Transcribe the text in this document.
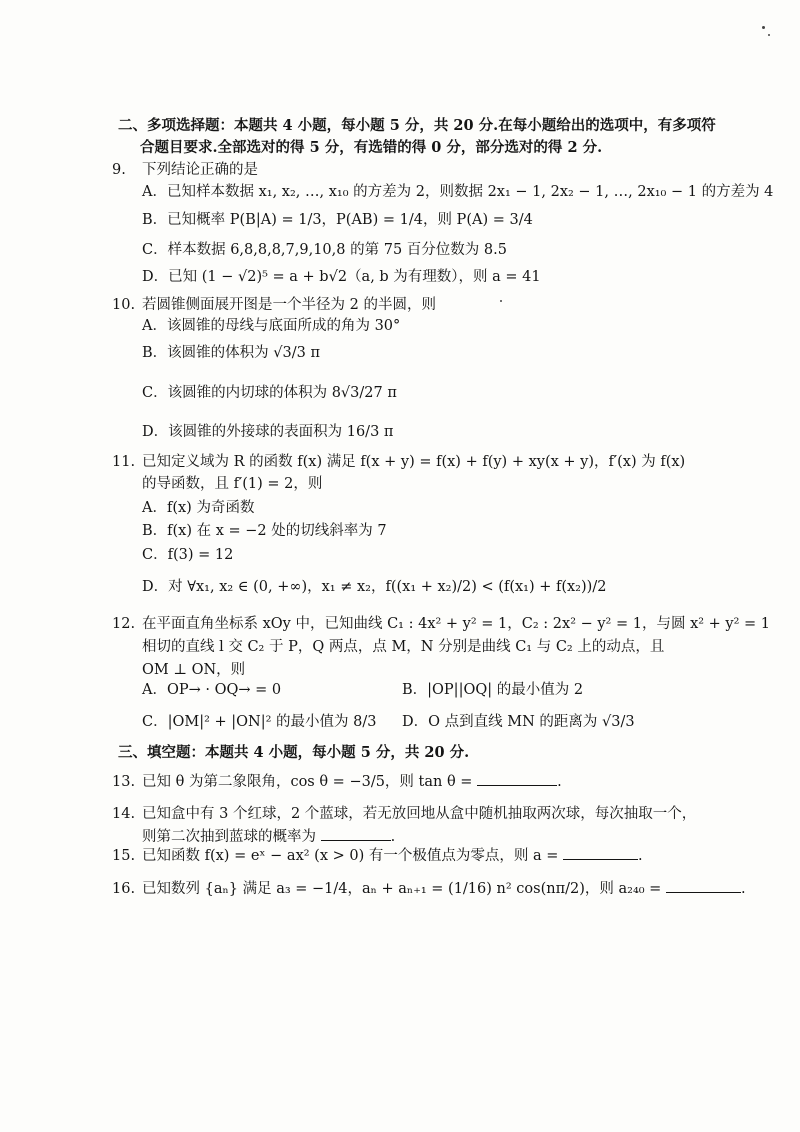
二、多项选择题：本题共 4 小题，每小题 5 分，共 20 分.在每小题给出的选项中，有多项符
合题目要求.全部选对的得 5 分，有选错的得 0 分，部分选对的得 2 分.
9. 下列结论正确的是
A．已知样本数据 x₁, x₂, …, x₁₀ 的方差为 2，则数据 2x₁ − 1, 2x₂ − 1, …, 2x₁₀ − 1 的方差为 4
B．已知概率 P(B|A) = 1/3，P(AB) = 1/4，则 P(A) = 3/4
C．样本数据 6,8,8,8,7,9,10,8 的第 75 百分位数为 8.5
D．已知 (1 − √2)⁵ = a + b√2（a, b 为有理数），则 a = 41
10. 若圆锥侧面展开图是一个半径为 2 的半圆，则
A．该圆锥的母线与底面所成的角为 30°
B．该圆锥的体积为 √3/3 π
C．该圆锥的内切球的体积为 8√3/27 π
D．该圆锥的外接球的表面积为 16/3 π
11. 已知定义域为 R 的函数 f(x) 满足 f(x + y) = f(x) + f(y) + xy(x + y)，f′(x) 为 f(x)
的导函数，且 f′(1) = 2，则
A．f(x) 为奇函数
B．f(x) 在 x = −2 处的切线斜率为 7
C．f(3) = 12
D．对 ∀x₁, x₂ ∈ (0, +∞)，x₁ ≠ x₂，f((x₁ + x₂)/2) < (f(x₁) + f(x₂))/2
12. 在平面直角坐标系 xOy 中，已知曲线 C₁ : 4x² + y² = 1，C₂ : 2x² − y² = 1，与圆 x² + y² = 1
相切的直线 l 交 C₂ 于 P，Q 两点，点 M，N 分别是曲线 C₁ 与 C₂ 上的动点，且
OM ⊥ ON，则
A．OP→ · OQ→ = 0	B．|OP||OQ| 的最小值为 2
C．|OM|² + |ON|² 的最小值为 8/3 D．O 点到直线 MN 的距离为 √3/3
三、填空题：本题共 4 小题，每小题 5 分，共 20 分.
13. 已知 θ 为第二象限角，cos θ = −3/5，则 tan θ =	.
14. 已知盒中有 3 个红球，2 个蓝球，若无放回地从盒中随机抽取两次球，每次抽取一个，
则第二次抽到蓝球的概率为	.
15. 已知函数 f(x) = eˣ − ax² (x > 0) 有一个极值点为零点，则 a =	.
16. 已知数列 {aₙ} 满足 a₃ = −1/4，aₙ + aₙ₊₁ = (1/16) n² cos(nπ/2)，则 a₂₄₀ =	.
